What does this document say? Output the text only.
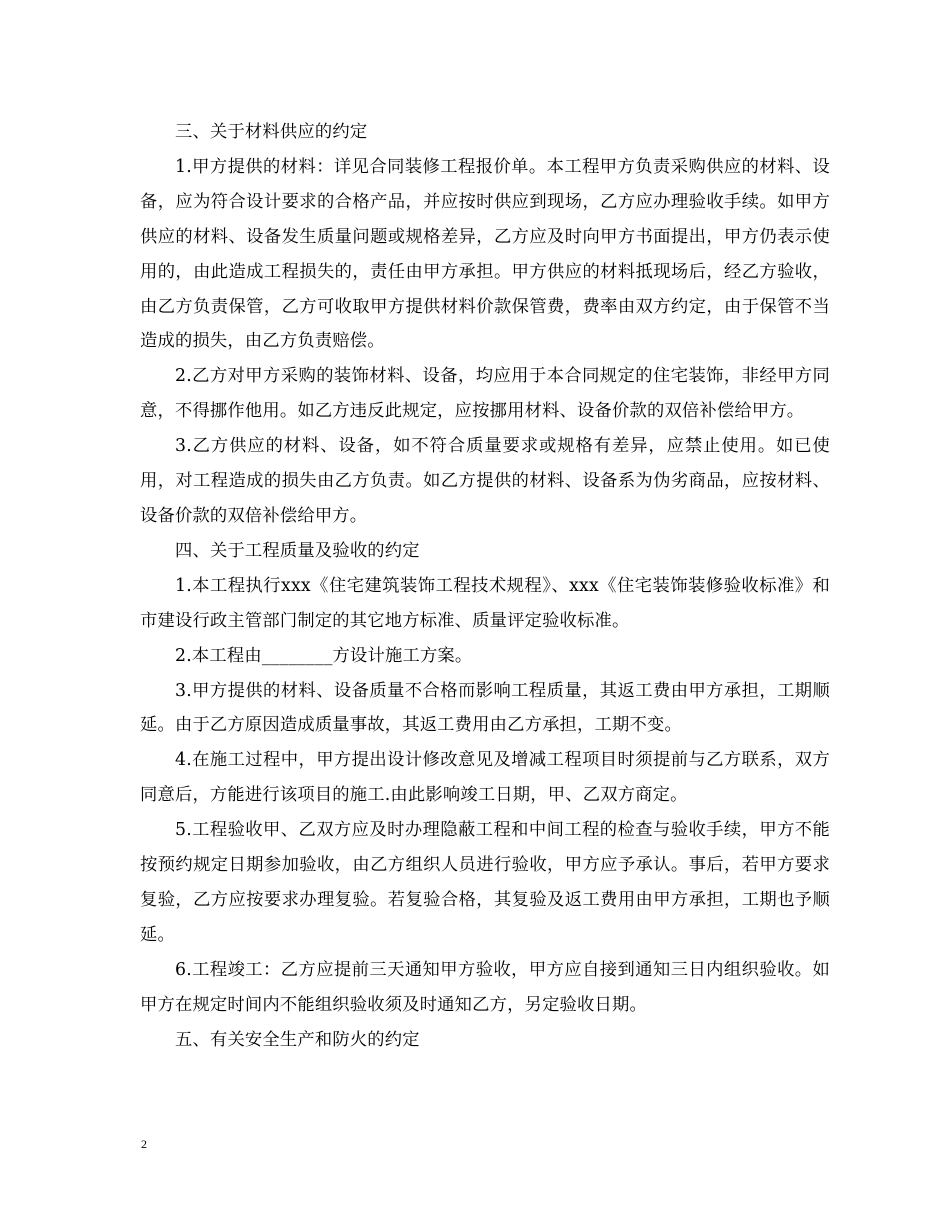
三、关于材料供应的约定

1.甲方提供的材料：详见合同装修工程报价单。本工程甲方负责采购供应的材料、设备，应为符合设计要求的合格产品，并应按时供应到现场，乙方应办理验收手续。如甲方供应的材料、设备发生质量问题或规格差异，乙方应及时向甲方书面提出，甲方仍表示使用的，由此造成工程损失的，责任由甲方承担。甲方供应的材料抵现场后，经乙方验收，由乙方负责保管，乙方可收取甲方提供材料价款保管费，费率由双方约定，由于保管不当造成的损失，由乙方负责赔偿。

2.乙方对甲方采购的装饰材料、设备，均应用于本合同规定的住宅装饰，非经甲方同意，不得挪作他用。如乙方违反此规定，应按挪用材料、设备价款的双倍补偿给甲方。

3.乙方供应的材料、设备，如不符合质量要求或规格有差异，应禁止使用。如已使用，对工程造成的损失由乙方负责。如乙方提供的材料、设备系为伪劣商品，应按材料、设备价款的双倍补偿给甲方。

四、关于工程质量及验收的约定

1.本工程执行xxx《住宅建筑装饰工程技术规程》、xxx《住宅装饰装修验收标准》和市建设行政主管部门制定的其它地方标准、质量评定验收标准。

2.本工程由________方设计施工方案。

3.甲方提供的材料、设备质量不合格而影响工程质量，其返工费由甲方承担，工期顺延。由于乙方原因造成质量事故，其返工费用由乙方承担，工期不变。

4.在施工过程中，甲方提出设计修改意见及增减工程项目时须提前与乙方联系，双方同意后，方能进行该项目的施工.由此影响竣工日期，甲、乙双方商定。

5.工程验收甲、乙双方应及时办理隐蔽工程和中间工程的检查与验收手续，甲方不能按预约规定日期参加验收，由乙方组织人员进行验收，甲方应予承认。事后，若甲方要求复验，乙方应按要求办理复验。若复验合格，其复验及返工费用由甲方承担，工期也予顺延。

6.工程竣工：乙方应提前三天通知甲方验收，甲方应自接到通知三日内组织验收。如甲方在规定时间内不能组织验收须及时通知乙方，另定验收日期。

五、有关安全生产和防火的约定

2
